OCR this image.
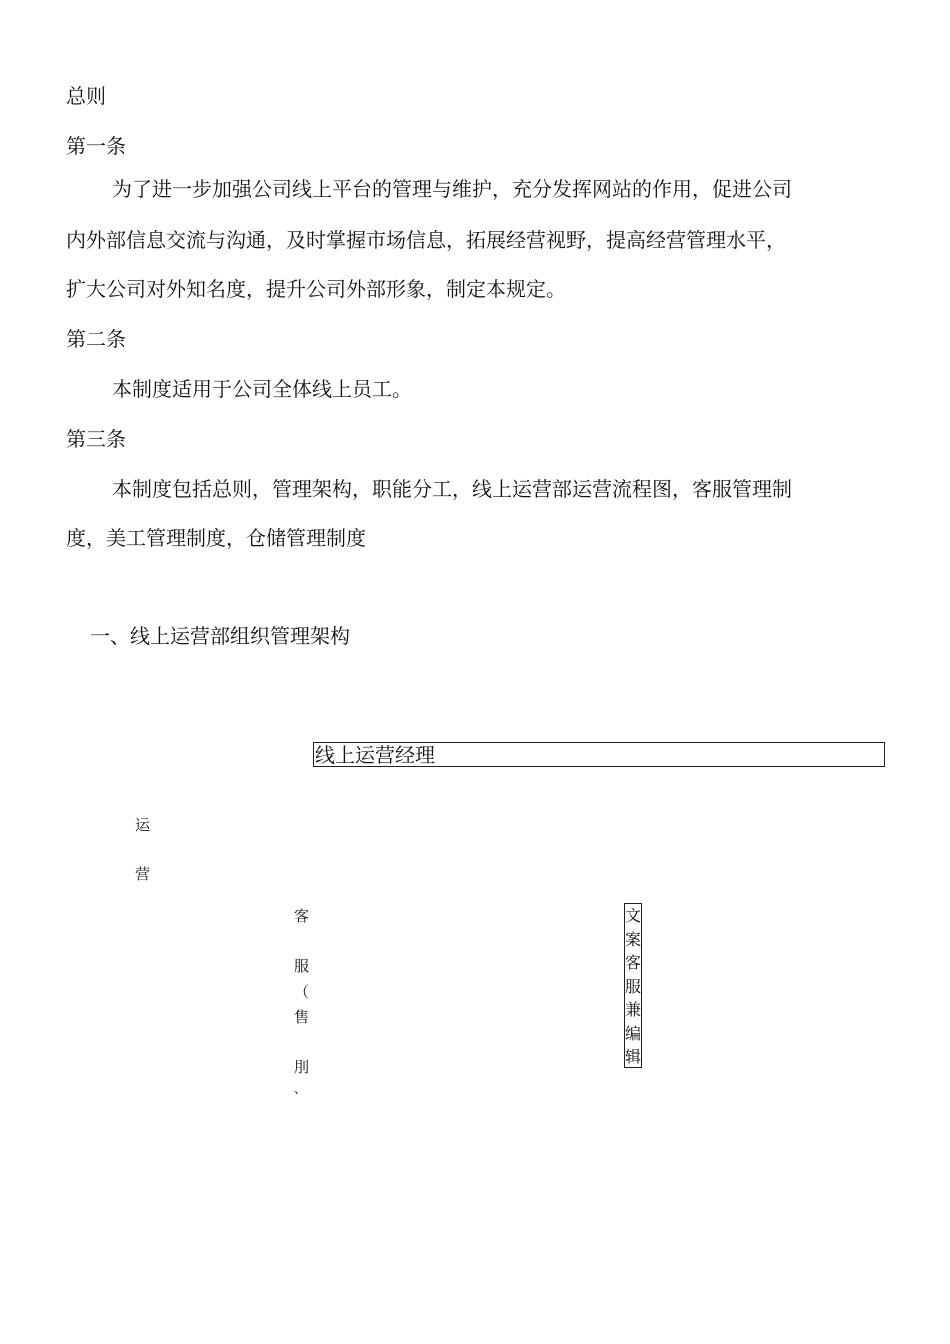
总则
第一条
为了进一步加强公司线上平台的管理与维护，充分发挥网站的作用，促进公司
内外部信息交流与沟通，及时掌握市场信息，拓展经营视野，提高经营管理水平，
扩大公司对外知名度，提升公司外部形象，制定本规定。
第二条
本制度适用于公司全体线上员工。
第三条
本制度包括总则，管理架构，职能分工，线上运营部运营流程图，客服管理制
度，美工管理制度，仓储管理制度
一、线上运营部组织管理架构
线上运营经理
运
营
客
服
（
售
刖
、
文
案
客
服
兼
编
辑
